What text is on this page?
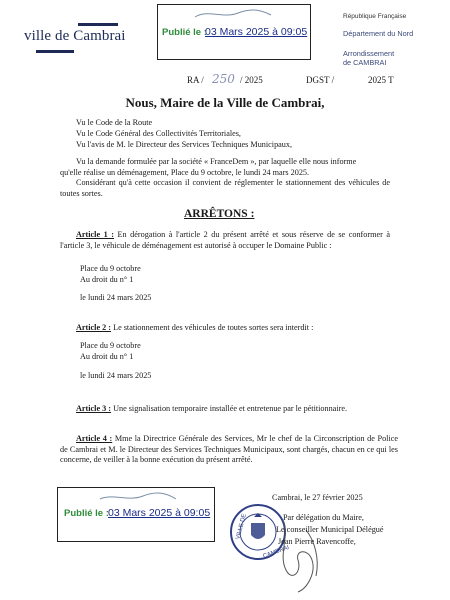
ville de Cambrai	Publié le :
03 Mars 2025 à 09:05
République Française
Département du Nord
Arrondissement
de CAMBRAI
RA / 250 / 2025	DGST /	2025 T
Nous, Maire de la Ville de Cambrai,
Vu le Code de la Route
Vu le Code Général des Collectivités Territoriales,
Vu l'avis de M. le Directeur des Services Techniques Municipaux,
Vu la demande formulée par la société « FranceDem », par laquelle elle nous informe
qu'elle réalise un déménagement, Place du 9 octobre, le lundi 24 mars 2025.
Considérant qu'à cette occasion il convient de réglementer le stationnement des véhicules de toutes sortes.
ARRÊTONS :
Article 1 : En dérogation à l'article 2 du présent arrêté et sous réserve de se conformer à l'article 3, le véhicule de déménagement est autorisé à occuper le Domaine Public :
Place du 9 octobre
Au droit du n° 1
le lundi 24 mars 2025
Article 2 : Le stationnement des véhicules de toutes sortes sera interdit :
Place du 9 octobre
Au droit du n° 1
le lundi 24 mars 2025
Article 3 : Une signalisation temporaire installée et entretenue par le pétitionnaire.
Article 4 : Mme la Directrice Générale des Services, Mr le chef de la Circonscription de Police de Cambrai et M. le Directeur des Services Techniques Municipaux, sont chargés, chacun en ce qui les concerne, de veiller à la bonne exécution du présent arrêté.
Publié le : 03 Mars 2025 à 09:05
Cambrai, le 27 février 2025
VILLE DE
CAMBRAI
Par délégation du Maire,
Le conseiller Municipal Délégué
Jean Pierre Ravencoffe,
